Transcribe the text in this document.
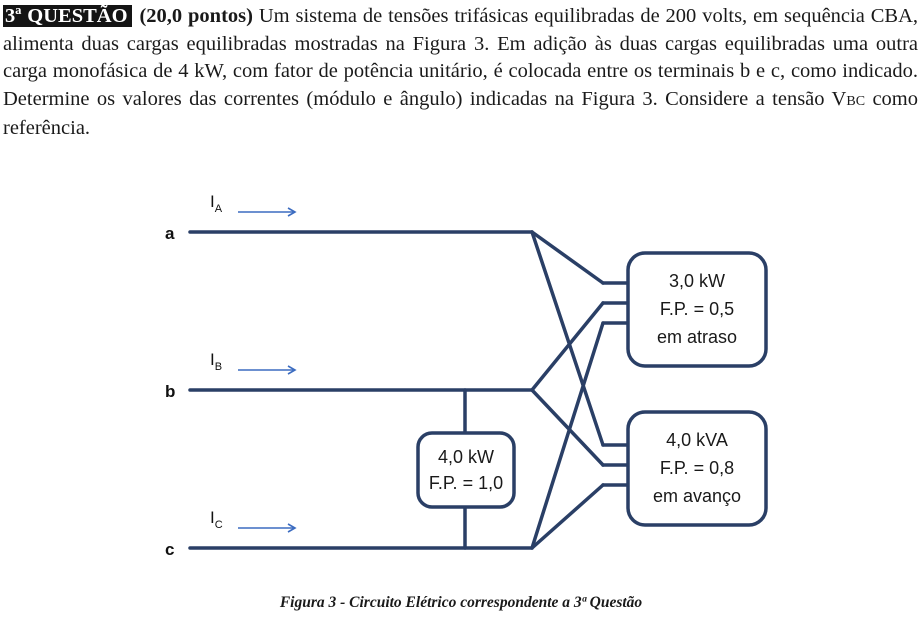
3ª QUESTÃO (20,0 pontos) Um sistema de tensões trifásicas equilibradas de 200 volts, em sequência CBA, alimenta duas cargas equilibradas mostradas na Figura 3. Em adição às duas cargas equilibradas uma outra carga monofásica de 4 kW, com fator de potência unitário, é colocada entre os terminais b e c, como indicado. Determine os valores das correntes (módulo e ângulo) indicadas na Figura 3. Considere a tensão VBC como referência.
3,0 kW
F.P. = 0,5
em atraso
4,0 kVA
F.P. = 0,8
em avanço
4,0 kW
F.P. = 1,0
a
b
c
$I_A$
$I_B$
$I_C$
Figura 3 - Circuito Elétrico correspondente a 3ª Questão
